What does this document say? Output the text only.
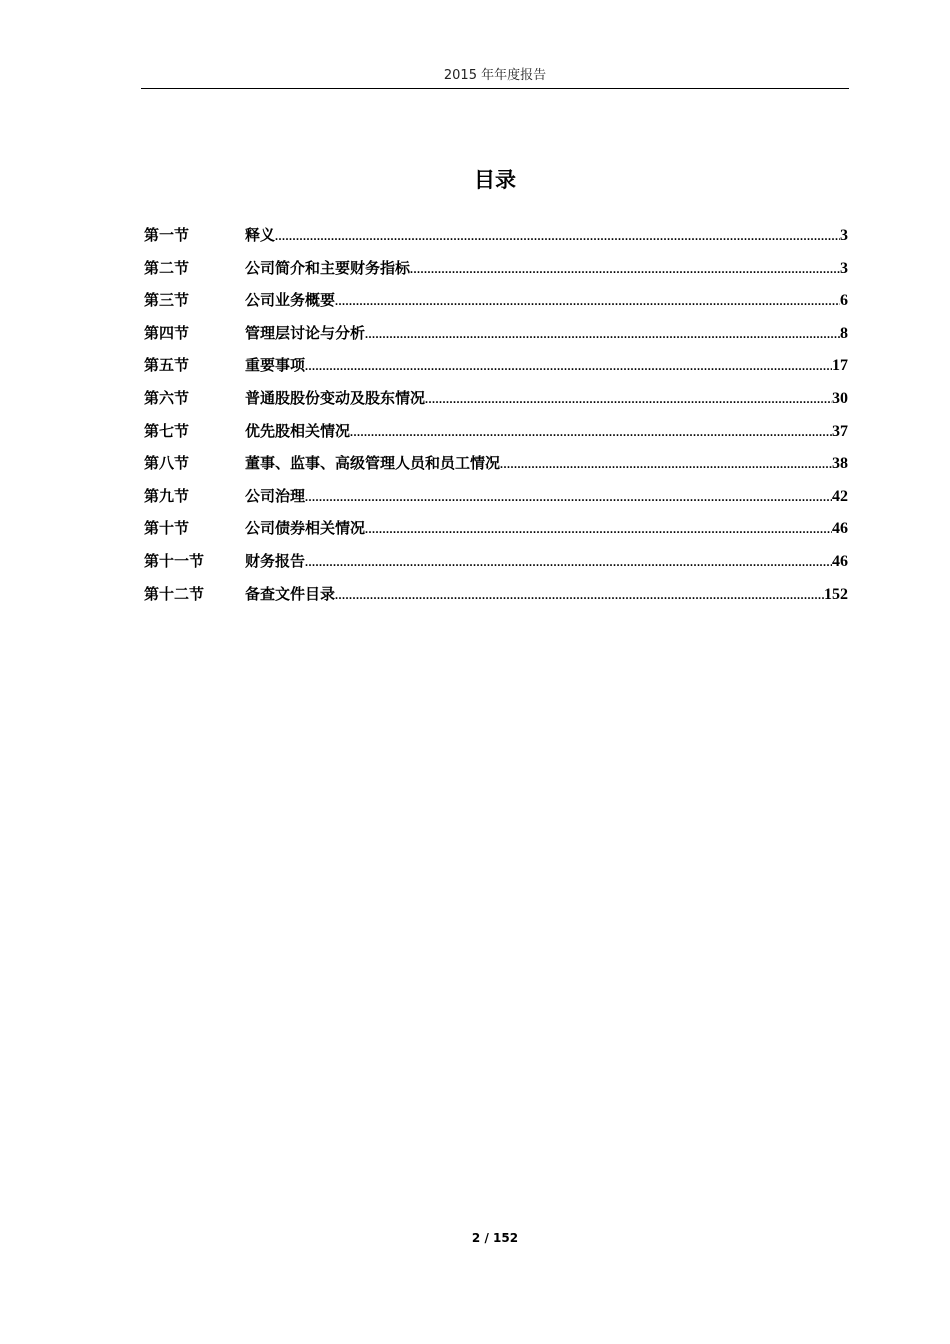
2015 年年度报告
目录
第一节	释义 .....	3
第二节	公司简介和主要财务指标 .....	3
第三节	公司业务概要 .....	6
第四节	管理层讨论与分析 .....	8
第五节	重要事项 .....	17
第六节	普通股股份变动及股东情况 .....	30
第七节	优先股相关情况 .....	37
第八节	董事、监事、高级管理人员和员工情况 .....	38
第九节	公司治理 .....	42
第十节	公司债券相关情况 .....	46
第十一节	财务报告 .....	46
第十二节	备查文件目录 .....	152
2 / 152
